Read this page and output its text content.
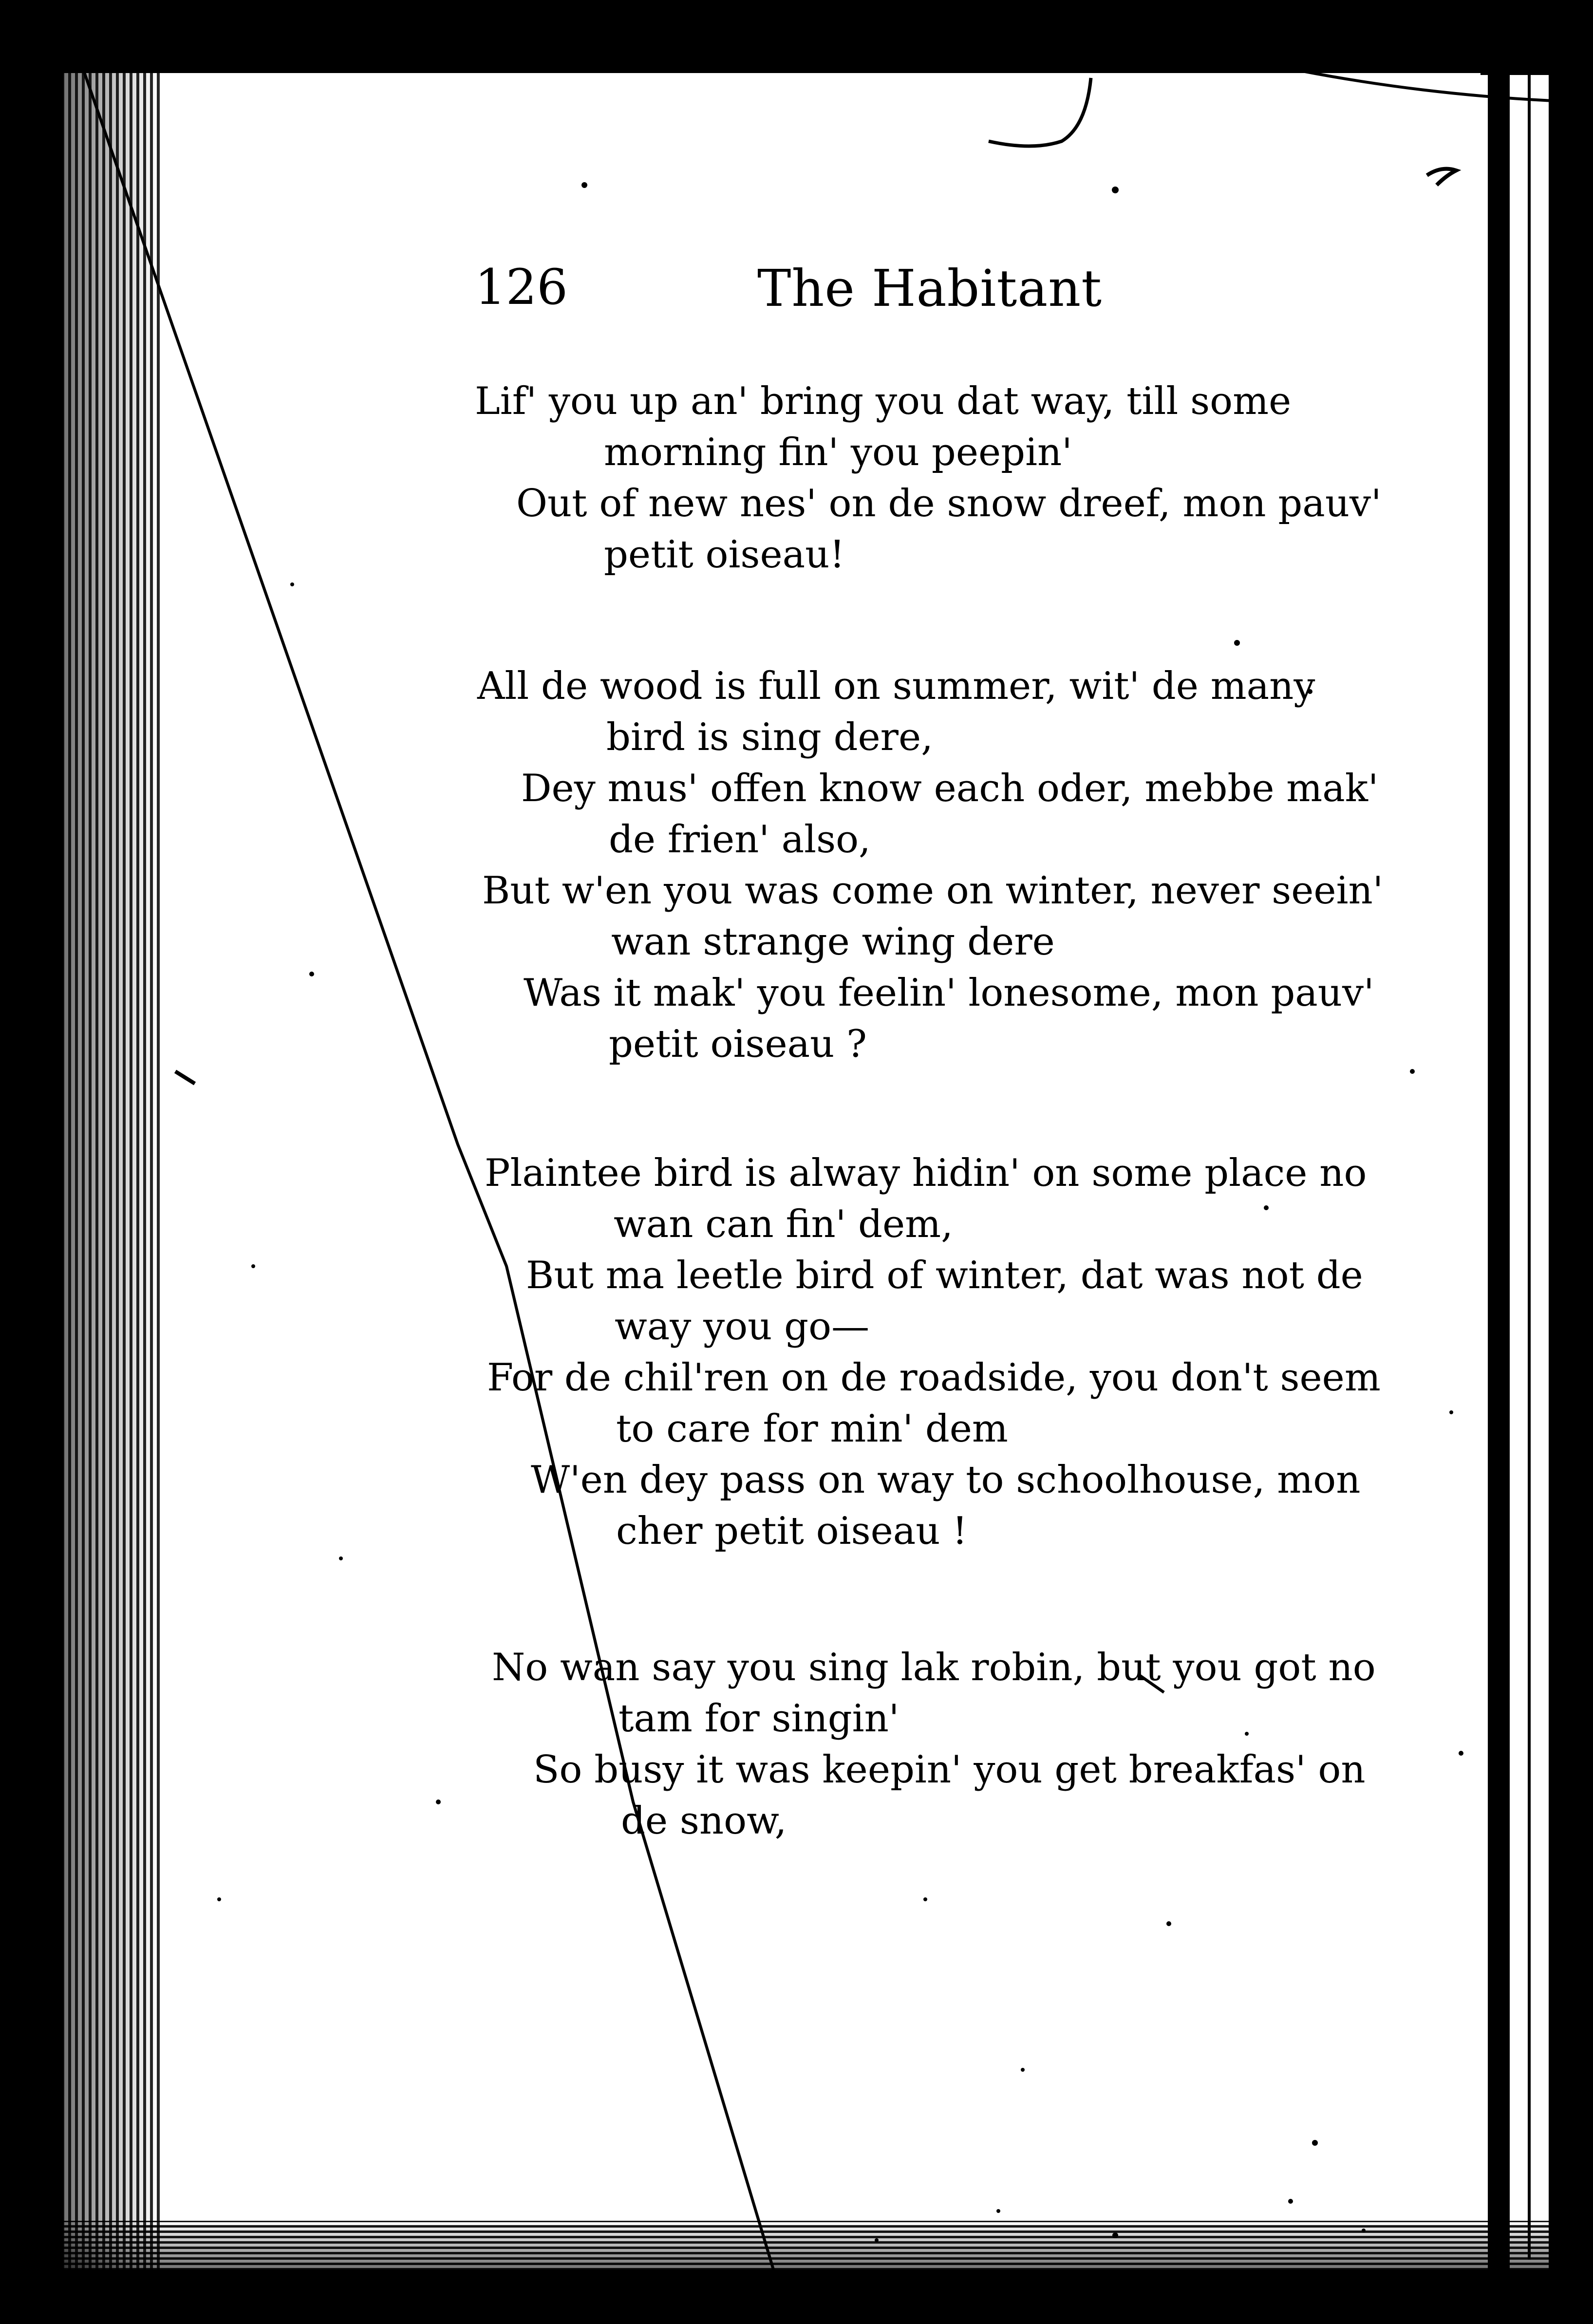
126	The Habitant
Lif' you up an' bring you dat way, till some
morning fin' you peepin'
Out of new nes' on de snow dreef, mon pauv'
petit oiseau!
All de wood is full on summer, wit' de many
bird is sing dere,
Dey mus' offen know each oder, mebbe mak'
de frien' also,
But w'en you was come on winter, never seein'
wan strange wing dere
Was it mak' you feelin' lonesome, mon pauv'
petit oiseau ?
Plaintee bird is alway hidin' on some place no
wan can fin' dem,
But ma leetle bird of winter, dat was not de
way you go—
For de chil'ren on de roadside, you don't seem
to care for min' dem
W'en dey pass on way to schoolhouse, mon
cher petit oiseau !
No wan say you sing lak robin, but you got no
tam for singin'
So busy it was keepin' you get breakfas' on
de snow,
